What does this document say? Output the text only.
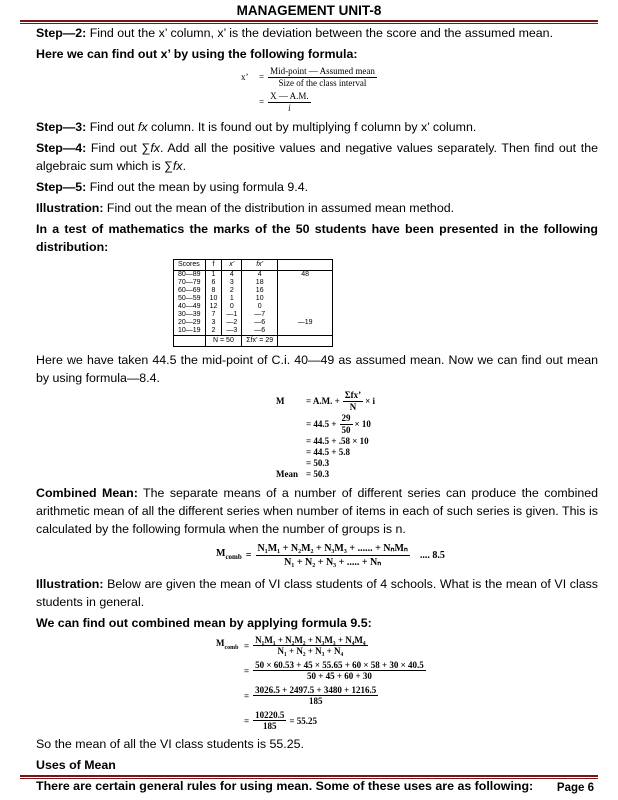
MANAGEMENT UNIT-8

Step—2: Find out the x’ column, x’ is the deviation between the score and the assumed mean.

Here we can find out x’ by using the following formula:

x’	= $\frac{\text{Mid-point — Assumed mean}}{\text{Size of the class interval}}$
= $\frac{X — A.M.}{i}$

Step—3: Find out fx column. It is found out by multiplying f column by x’ column.

Step—4: Find out ∑fx. Add all the positive values and negative values separately. Then find out the algebraic sum which is ∑fx.

Step—5: Find out the mean by using formula 9.4.

Illustration: Find out the mean of the distribution in assumed mean method.

In a test of mathematics the marks of the 50 students have been presented in the following distribution:

Scores	f	x’	fx’	
80—89	1	4	4	48
70—79	6	3	18	
60—69	8	2	16	
50—59	10	1	10	
40—49	12	0	0	
30—39	7	—1	—7	
20—29	3	—2	—6	—19
10—19	2	—3	—6	
	N = 50		Σfx’ = 29	

Here we have taken 44.5 the mid-point of C.i. 40—49 as assumed mean. Now we can find out mean by using formula—8.4.

M	= A.M. + $\frac{\text{Σfx’}}{N} \times i$
= $44.5 + \frac{29}{50} \times 10$
= 44.5 + .58 × 10
= 44.5 + 5.8
= 50.3
Mean = 50.3

Combined Mean: The separate means of a number of different series can produce the combined arithmetic mean of all the different series when number of items in each of such series is given. This is calculated by the following formula when the number of groups is n.

$M_{comb} = \frac{\text{N₁M₁ + N₂M₂ + N₃M₃ + ...... + NₙMₙ}}{\text{N₁ + N₂ + N₃ + ..... + Nₙ}}$ .... 8.5

Illustration: Below are given the mean of VI class students of 4 schools. What is the mean of VI class students in general.

We can find out combined mean by applying formula 9.5:

$M_{comb} = \frac{\text{N₁M₁ + N₂M₂ + N₃M₃ + N₄M₄}}{\text{N₁ + N₂ + N₃ + N₄}}$
= $\frac{50 \times 60.53 + 45 \times 55.65 + 60 \times 58 + 30 \times 40.5}{50 + 45 + 60 + 30}$
= $\frac{3026.5 + 2497.5 + 3480 + 1216.5}{185}$
= $\frac{10220.5}{185} = 55.25$

So the mean of all the VI class students is 55.25.

Uses of Mean

There are certain general rules for using mean. Some of these uses are as following:	Page 6
